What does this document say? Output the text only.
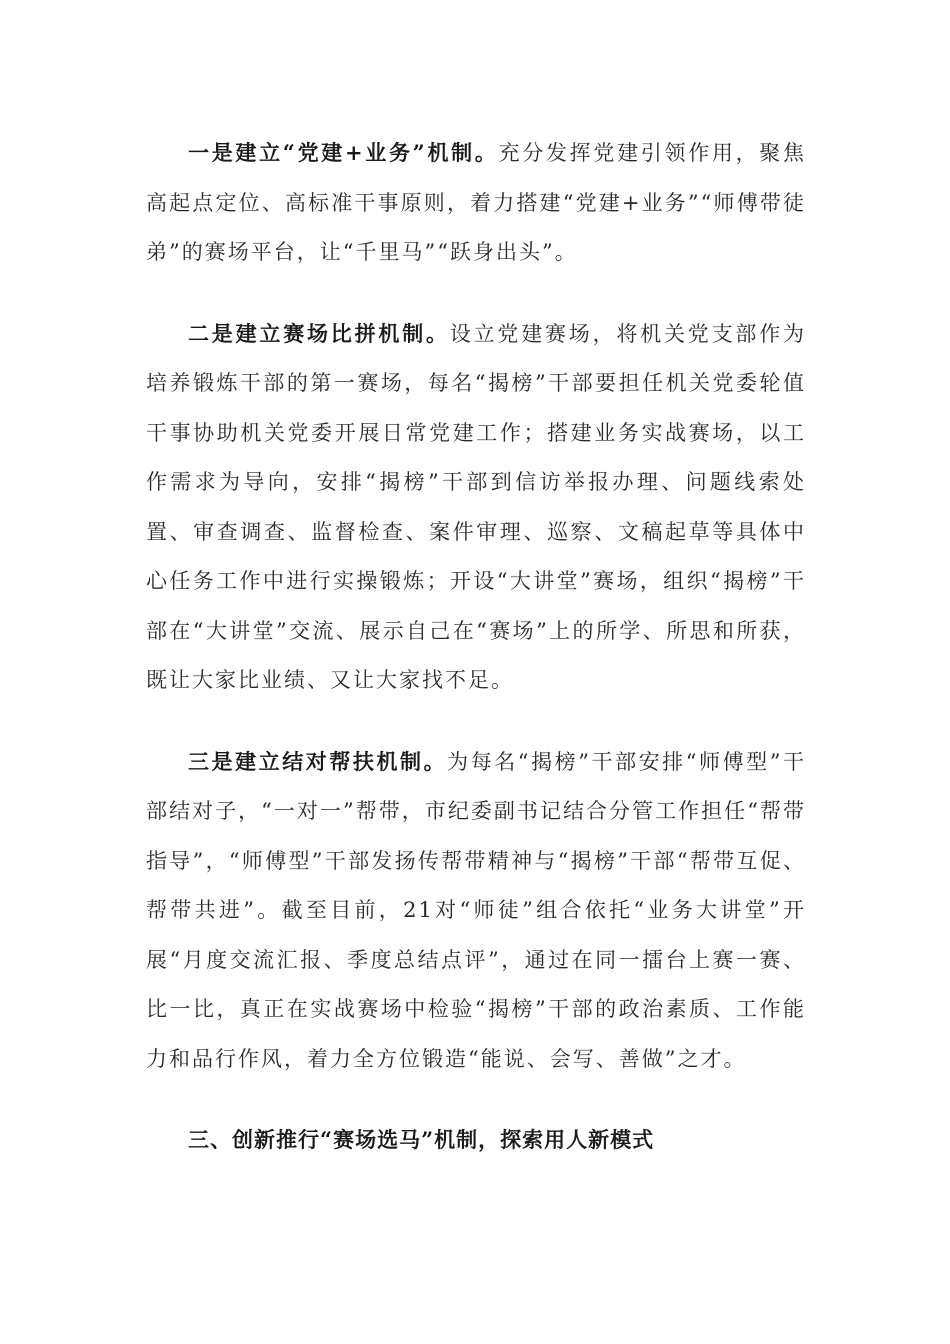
一是建立“党建+业务”机制。充分发挥党建引领作用，聚焦高起点定位、高标准干事原则，着力搭建“党建+业务”“师傅带徒弟”的赛场平台，让“千里马”“跃身出头”。

二是建立赛场比拼机制。设立党建赛场，将机关党支部作为培养锻炼干部的第一赛场，每名“揭榜”干部要担任机关党委轮值干事协助机关党委开展日常党建工作；搭建业务实战赛场，以工作需求为导向，安排“揭榜”干部到信访举报办理、问题线索处置、审查调查、监督检查、案件审理、巡察、文稿起草等具体中心任务工作中进行实操锻炼；开设“大讲堂”赛场，组织“揭榜”干部在“大讲堂”交流、展示自己在“赛场”上的所学、所思和所获，既让大家比业绩、又让大家找不足。

三是建立结对帮扶机制。为每名“揭榜”干部安排“师傅型”干部结对子，“一对一”帮带，市纪委副书记结合分管工作担任“帮带指导”，“师傅型”干部发扬传帮带精神与“揭榜”干部“帮带互促、帮带共进”。截至目前，21对“师徒”组合依托“业务大讲堂”开展“月度交流汇报、季度总结点评”，通过在同一擂台上赛一赛、比一比，真正在实战赛场中检验“揭榜”干部的政治素质、工作能力和品行作风，着力全方位锻造“能说、会写、善做”之才。

三、创新推行“赛场选马”机制，探索用人新模式
